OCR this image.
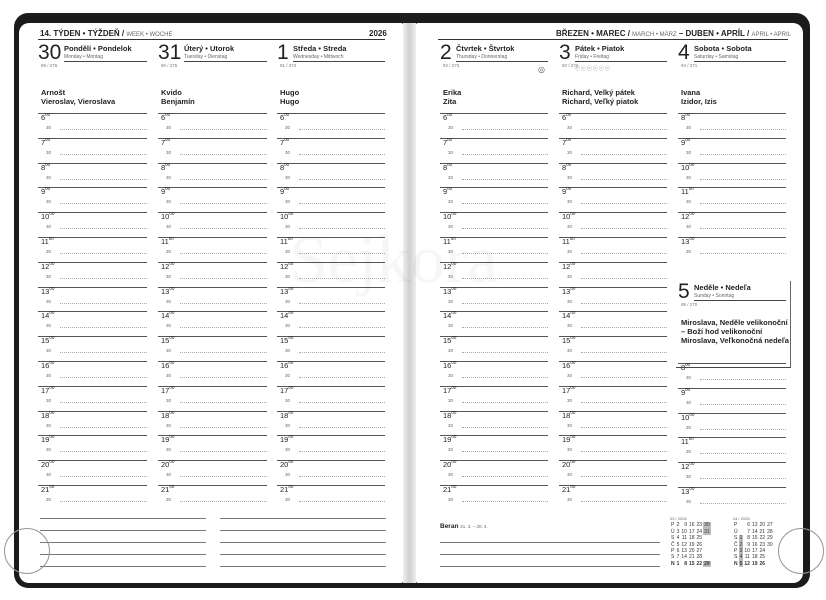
14. TÝDEN • TÝŽDEŇ / WEEK • WOCHE	2026	BŘEZEN • MAREC / MARCH • MÄRZ – DUBEN • APRÍL / APRIL • APRIL
30 Pondělí • Pondelok
Monday • Montag
89 / 276
Arnošt
Vieroslav, Vieroslava
$6^{00}$
30
$7^{00}$
30
$8^{00}$
30
$9^{00}$
30
$10^{00}$
30
$11^{00}$
30
$12^{00}$
30
$13^{00}$
30
$14^{00}$
30
$15^{00}$
30
$16^{00}$
30
$17^{00}$
30
$18^{00}$
30
$19^{00}$
30
$20^{00}$
30
$21^{00}$
30
31 Úterý • Utorok
Tuesday • Dienstag
90 / 275
Kvido
Benjamín
$6^{00}$
30
$7^{00}$
30
$8^{00}$
30
$9^{00}$
30
$10^{00}$
30
$11^{00}$
30
$12^{00}$
30
$13^{00}$
30
$14^{00}$
30
$15^{00}$
30
$16^{00}$
30
$17^{00}$
30
$18^{00}$
30
$19^{00}$
30
$20^{00}$
30
$21^{00}$
30
1 Středa • Streda
Wednesday • Mittwoch
91 / 274
Hugo
Hugo
$6^{00}$
30
$7^{00}$
30
$8^{00}$
30
$9^{00}$
30
$10^{00}$
30
$11^{00}$
30
$12^{00}$
30
$13^{00}$
30
$14^{00}$
30
$15^{00}$
30
$16^{00}$
30
$17^{00}$
30
$18^{00}$
30
$19^{00}$
30
$20^{00}$
30
$21^{00}$
30
2 Čtvrtek • Štvrtok
Thursday • Donnerstag
92 / 273	◎
Erika
Zita
$6^{00}$
30
$7^{00}$
30
$8^{00}$
30
$9^{00}$
30
$10^{00}$
30
$11^{00}$
30
$12^{00}$
30
$13^{00}$
30
$14^{00}$
30
$15^{00}$
30
$16^{00}$
30
$17^{00}$
30
$18^{00}$
30
$19^{00}$
30
$20^{00}$
30
$21^{00}$
30
3 Pátek • Piatok
Friday • Freitag
93 / 272
ⓒⓒⓒⓒⓒⓒ
Richard, Velký pátek
Richard, Veľký piatok
$6^{00}$
30
$7^{00}$
30
$8^{00}$
30
$9^{00}$
30
$10^{00}$
30
$11^{00}$
30
$12^{00}$
30
$13^{00}$
30
$14^{00}$
30
$15^{00}$
30
$16^{00}$
30
$17^{00}$
30
$18^{00}$
30
$19^{00}$
30
$20^{00}$
30
$21^{00}$
30
4 Sobota • Sobota
Saturday • Samstag
94 / 271
Ivana
Izidor, Izis
$8^{00}$
30
$9^{00}$
30
$10^{00}$
30
$11^{00}$
30
$12^{00}$
30
$13^{00}$
30
5 Neděle • Nedeľa
Sunday • Sonntag
95 / 270
Miroslava, Neděle velikonoční
– Boží hod velikonoční
Miroslava, Veľkonočná nedeľa
$8^{00}$
30
$9^{00}$
30
$10^{00}$
30
$11^{00}$
30
$12^{00}$
30
$13^{00}$
30
Beran 21. 3. – 20. 4.
03 / 2026
P	2	9	16	23	30
Ú	3	10	17	24	31
S	4	11	18	25	
Č	5	12	19	26	
P	6	13	20	27	
S	7	14	21	28	
N	1	8	15	22	29
04 / 2026
P		6	13	20	27
Ú		7	14	21	28
S	1	8	15	22	29
Č	2	9	16	23	30
P	3	10	17	24	
S	4	11	18	25	
N	5	12	19	26	
